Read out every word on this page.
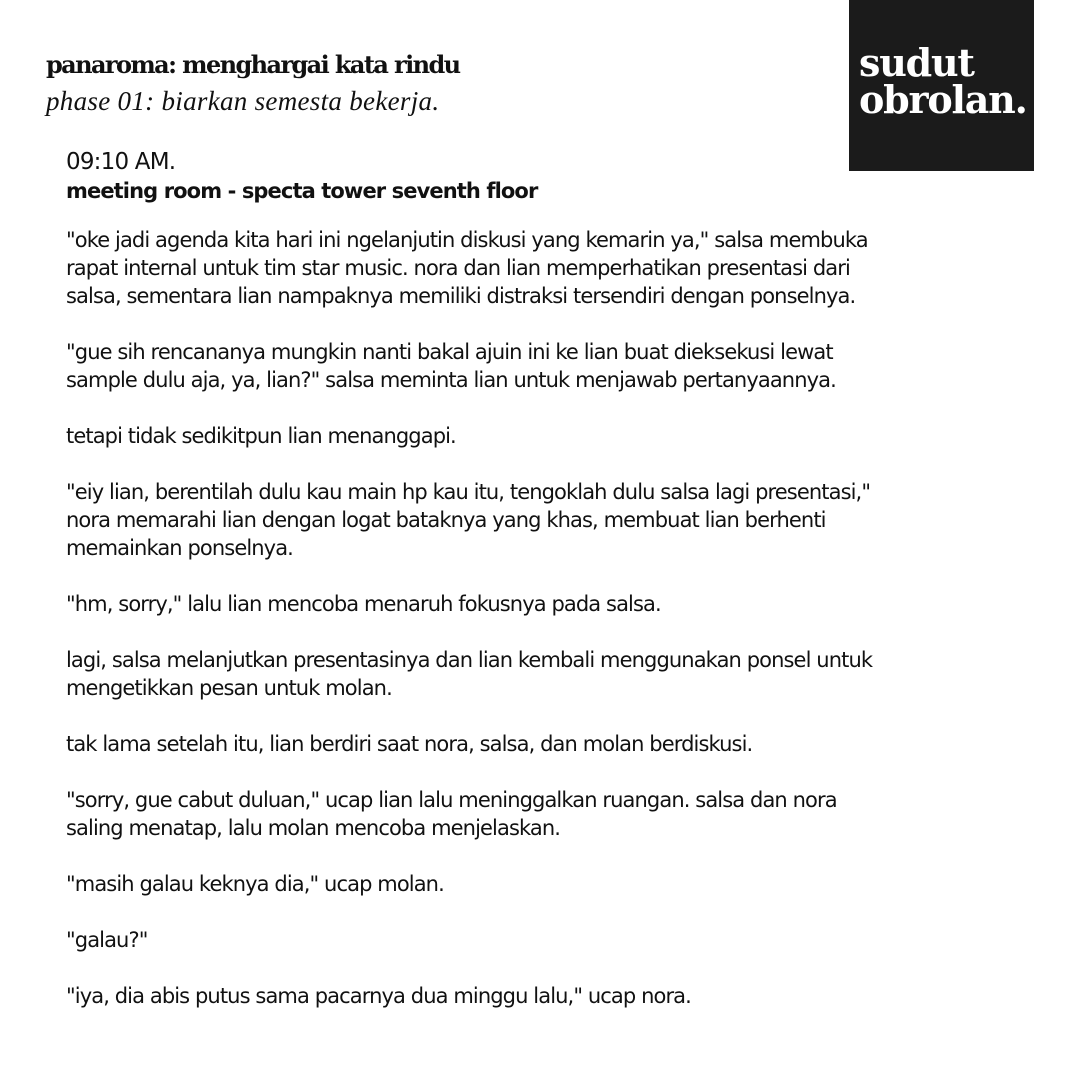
panaroma: menghargai kata rindu
phase 01: biarkan semesta bekerja.
sudut
obrolan.
09:10 AM.
meeting room - specta tower seventh floor

"oke jadi agenda kita hari ini ngelanjutin diskusi yang kemarin ya," salsa membuka
rapat internal untuk tim star music. nora dan lian memperhatikan presentasi dari
salsa, sementara lian nampaknya memiliki distraksi tersendiri dengan ponselnya.

"gue sih rencananya mungkin nanti bakal ajuin ini ke lian buat dieksekusi lewat
sample dulu aja, ya, lian?" salsa meminta lian untuk menjawab pertanyaannya.

tetapi tidak sedikitpun lian menanggapi.

"eiy lian, berentilah dulu kau main hp kau itu, tengoklah dulu salsa lagi presentasi,"
nora memarahi lian dengan logat bataknya yang khas, membuat lian berhenti
memainkan ponselnya.

"hm, sorry," lalu lian mencoba menaruh fokusnya pada salsa.

lagi, salsa melanjutkan presentasinya dan lian kembali menggunakan ponsel untuk
mengetikkan pesan untuk molan.

tak lama setelah itu, lian berdiri saat nora, salsa, dan molan berdiskusi.

"sorry, gue cabut duluan," ucap lian lalu meninggalkan ruangan. salsa dan nora
saling menatap, lalu molan mencoba menjelaskan.

"masih galau keknya dia," ucap molan.

"galau?"

"iya, dia abis putus sama pacarnya dua minggu lalu," ucap nora.
